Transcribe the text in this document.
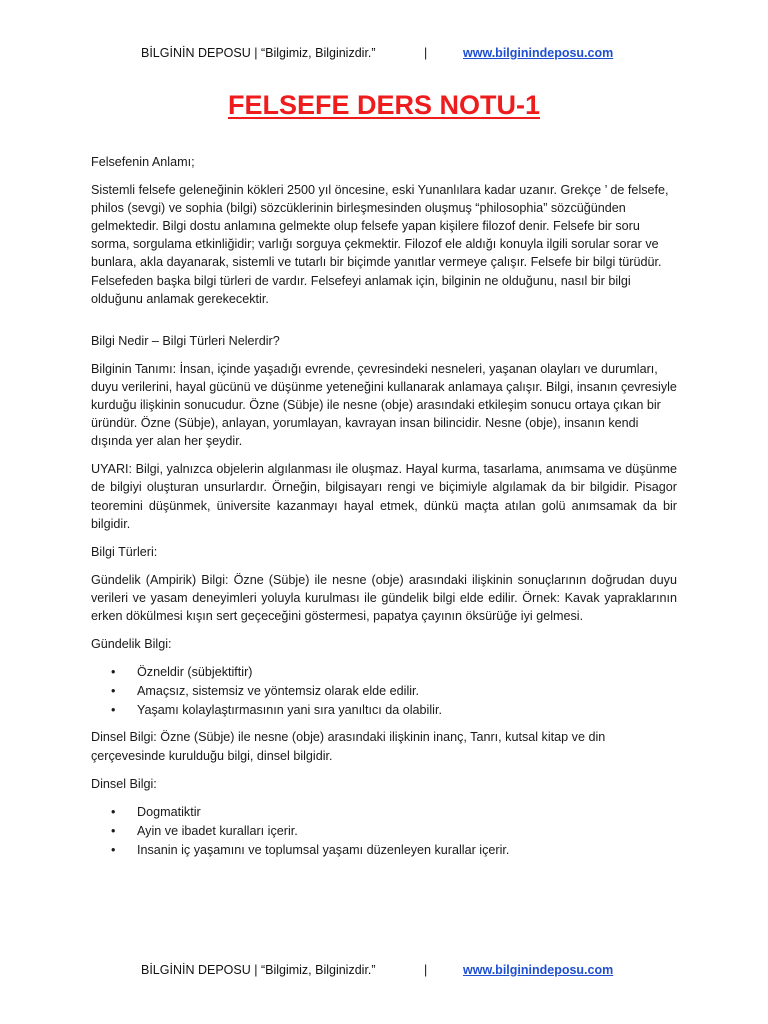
BİLGİNİN DEPOSU | “Bilgimiz, Bilginizdir.”	|	www.bilginindeposu.com
FELSEFE DERS NOTU-1

Felsefenin Anlamı;

Sistemli felsefe geleneğinin kökleri 2500 yıl öncesine, eski Yunanlılara kadar uzanır. Grekçe ’ de felsefe, philos (sevgi) ve sophia (bilgi) sözcüklerinin birleşmesinden oluşmuş “philosophia” sözcüğünden gelmektedir. Bilgi dostu anlamına gelmekte olup felsefe yapan kişilere filozof denir. Felsefe bir soru sorma, sorgulama etkinliğidir; varlığı sorguya çekmektir. Filozof ele aldığı konuyla ilgili sorular sorar ve bunlara, akla dayanarak, sistemli ve tutarlı bir biçimde yanıtlar vermeye çalışır. Felsefe bir bilgi türüdür. Felsefeden başka bilgi türleri de vardır. Felsefeyi anlamak için, bilginin ne olduğunu, nasıl bir bilgi olduğunu anlamak gerekecektir.

Bilgi Nedir – Bilgi Türleri Nelerdir?

Bilginin Tanımı: İnsan, içinde yaşadığı evrende, çevresindeki nesneleri, yaşanan olayları ve durumları, duyu verilerini, hayal gücünü ve düşünme yeteneğini kullanarak anlamaya çalışır. Bilgi, insanın çevresiyle kurduğu ilişkinin sonucudur. Özne (Sübje) ile nesne (obje) arasındaki etkileşim sonucu ortaya çıkan bir üründür. Özne (Sübje), anlayan, yorumlayan, kavrayan insan bilincidir. Nesne (obje), insanın kendi dışında yer alan her şeydir.

UYARI: Bilgi, yalnızca objelerin algılanması ile oluşmaz. Hayal kurma, tasarlama, anımsama ve düşünme de bilgiyi oluşturan unsurlardır. Örneğin, bilgisayarı rengi ve biçimiyle algılamak da bir bilgidir. Pisagor teoremini düşünmek, üniversite kazanmayı hayal etmek, dünkü maçta atılan golü anımsamak da bir bilgidir.

Bilgi Türleri:

Gündelik (Ampirik) Bilgi: Özne (Sübje) ile nesne (obje) arasındaki ilişkinin sonuçlarının doğrudan duyu verileri ve yasam deneyimleri yoluyla kurulması ile gündelik bilgi elde edilir. Örnek: Kavak yapraklarının erken dökülmesi kışın sert geçeceğini göstermesi, papatya çayının öksürüğe iyi gelmesi.

Gündelik Bilgi:

• Öznel​dir (sübjektiftir)
• Amaçsız, sistemsiz ve yöntemsiz olarak elde edilir.
• Yaşamı kolaylaştırmasının yani sıra yanıltıcı da olabilir.

Dinsel Bilgi: Özne (Sübje) ile nesne (obje) arasındaki ilişkinin inanç, Tanrı, kutsal kitap ve din çerçevesinde kurulduğu bilgi, dinsel bilgidir.

Dinsel Bilgi:

• Dogmatiktir
• Ayin ve ibadet kuralları içerir.
• Insanin iç yaşamını ve toplumsal yaşamı düzenleyen kurallar içerir.
BİLGİNİN DEPOSU | “Bilgimiz, Bilginizdir.”	|	www.bilginindeposu.com
